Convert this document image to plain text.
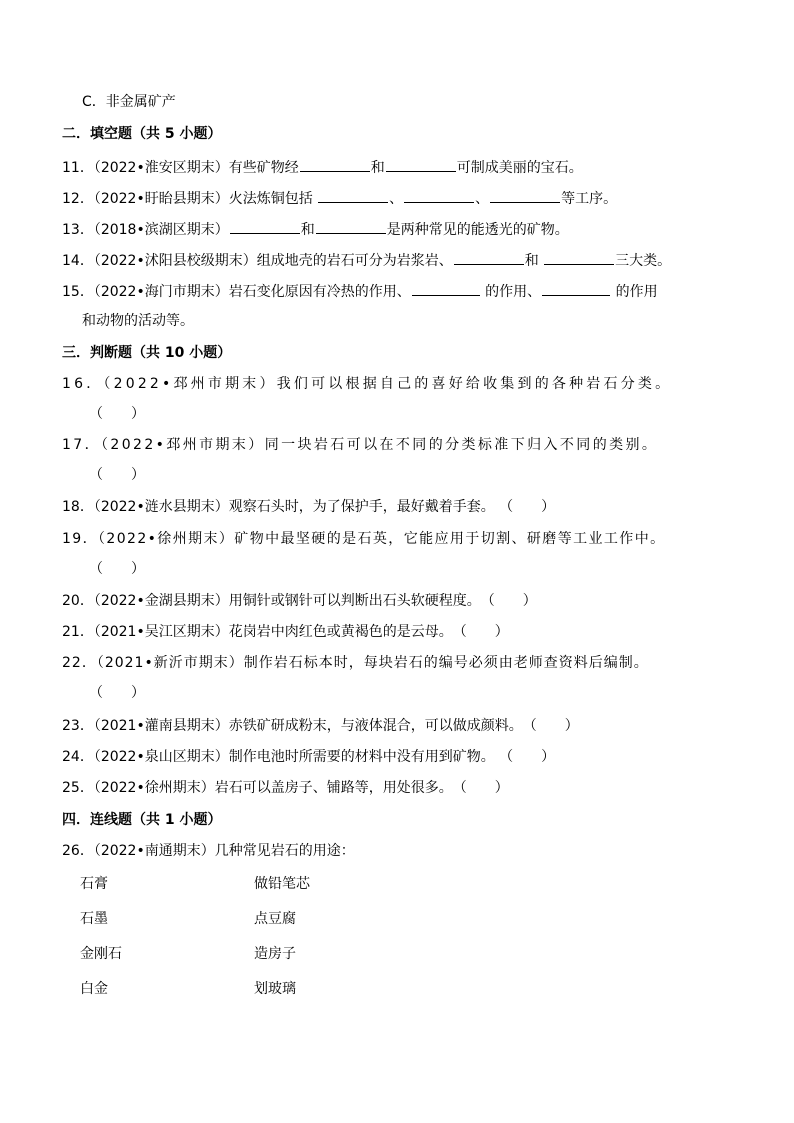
C．非金属矿产
二．填空题（共 5 小题）
11．（2022•淮安区期末）有些矿物经	和	可制成美丽的宝石。
12．（2022•盱眙县期末）火法炼铜包括	、	、	等工序。
13．（2018•滨湖区期末）	和	是两种常见的能透光的矿物。
14．（2022•沭阳县校级期末）组成地壳的岩石可分为岩浆岩、	和	三大类。
15．（2022•海门市期末）岩石变化原因有冷热的作用、	的作用、	的作用
和动物的活动等。
三．判断题（共 10 小题）
16．（2022•邳州市期末）我们可以根据自己的喜好给收集到的各种岩石分类。
（　　）
17．（2022•邳州市期末）同一块岩石可以在不同的分类标准下归入不同的类别。
（　　）
18．（2022•涟水县期末）观察石头时，为了保护手，最好戴着手套。 （　　）
19．（2022•徐州期末）矿物中最坚硬的是石英，它能应用于切割、研磨等工业工作中。
（　　）
20．（2022•金湖县期末）用铜针或钢针可以判断出石头软硬程度。（　　）
21．（2021•吴江区期末）花岗岩中肉红色或黄褐色的是云母。（　　）
22．（2021•新沂市期末）制作岩石标本时，每块岩石的编号必须由老师查资料后编制。
（　　）
23．（2021•灌南县期末）赤铁矿研成粉末，与液体混合，可以做成颜料。（　　）
24．（2022•泉山区期末）制作电池时所需要的材料中没有用到矿物。 （　　）
25．（2022•徐州期末）岩石可以盖房子、铺路等，用处很多。（　　）
四．连线题（共 1 小题）
26．（2022•南通期末）几种常见岩石的用途：
石膏	做铅笔芯
石墨	点豆腐
金刚石	造房子
白金	划玻璃
